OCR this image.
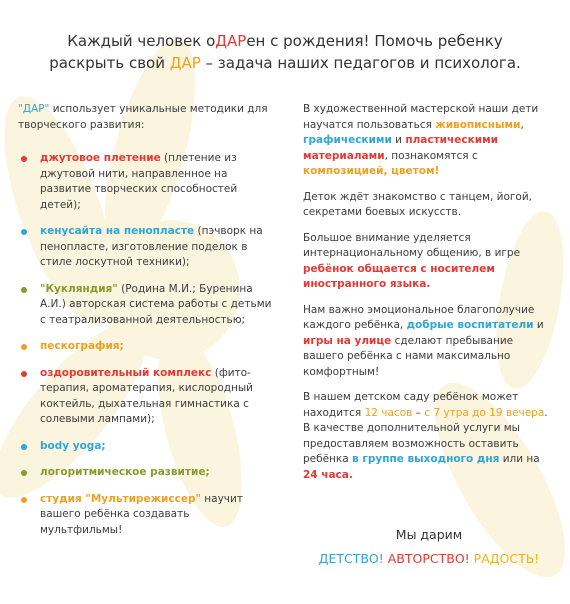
Каждый человек оДАРен с рождения! Помочь ребенку
раскрыть свой ДАР – задача наших педагогов и психолога.

"ДАР" использует уникальные методики для творческого развития:

джутовое плетение (плетение из джутовой нити, направленное на развитие творческих способностей детей);
кенусайта на пенопласте (пэчворк на пенопласте, изготовление поделок в стиле лоскутной техники);
"Кукляндия" (Родина М.И.; Буренина А.И.) авторская система работы с детьми с театрализованной деятельностью;
пескография;
оздоровительный комплекс (фито-терапия, ароматерапия, кислородный коктейль, дыхательная гимнастика с солевыми лампами);
body yoga;
логоритмическое развитие;
студия "Мультирежиссер" научит вашего ребёнка создавать мультфильмы!

В художественной мастерской наши дети научатся пользоваться живописными, графическими и пластическими материалами, познакомятся с композицией, цветом!

Деток ждёт знакомство с танцем, йогой, секретами боевых искусств.

Большое внимание уделяется интернациональному общению, в игре ребёнок общается с носителем иностранного языка.

Нам важно эмоциональное благополучие каждого ребёнка, добрые воспитатели и игры на улице сделают пребывание вашего ребёнка с нами максимально комфортным!

В нашем детском саду ребёнок может находится 12 часов – с 7 утра до 19 вечера. В качестве дополнительной услуги мы предоставляем возможность оставить ребёнка в группе выходного дня или на 24 часа.

Мы дарим
ДЕТСТВО! АВТОРСТВО! РАДОСТЬ!
